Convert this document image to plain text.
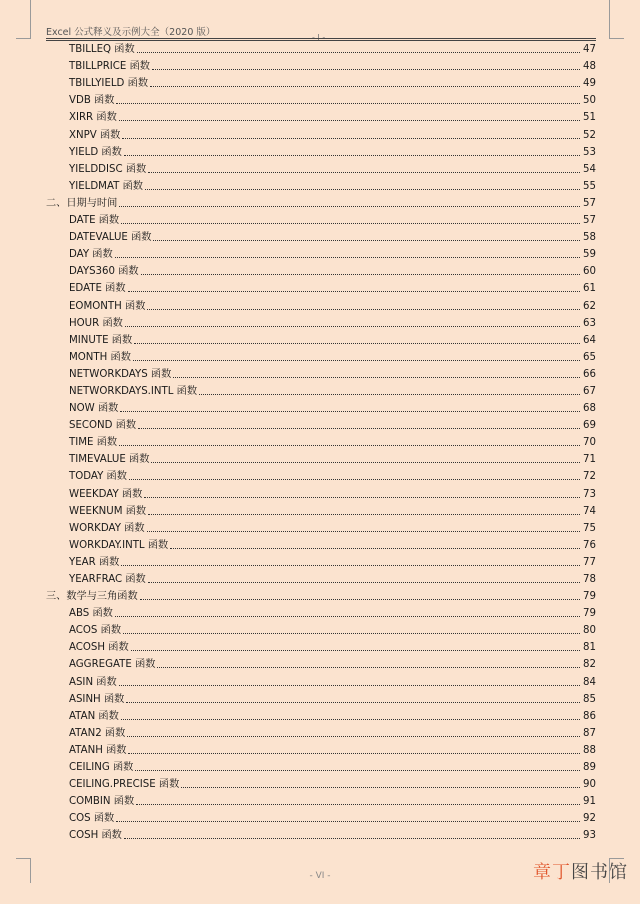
Excel 公式释义及示例大全（2020 版）	- I -
TBILLEQ 函数	47
TBILLPRICE 函数	48
TBILLYIELD 函数	49
VDB 函数	50
XIRR 函数	51
XNPV 函数	52
YIELD 函数	53
YIELDDISC 函数	54
YIELDMAT 函数	55
二、日期与时间	57
DATE 函数	57
DATEVALUE 函数	58
DAY 函数	59
DAYS360 函数	60
EDATE 函数	61
EOMONTH 函数	62
HOUR 函数	63
MINUTE 函数	64
MONTH 函数	65
NETWORKDAYS 函数	66
NETWORKDAYS.INTL 函数	67
NOW 函数	68
SECOND 函数	69
TIME 函数	70
TIMEVALUE 函数	71
TODAY 函数	72
WEEKDAY 函数	73
WEEKNUM 函数	74
WORKDAY 函数	75
WORKDAY.INTL 函数	76
YEAR 函数	77
YEARFRAC 函数	78
三、数学与三角函数	79
ABS 函数	79
ACOS 函数	80
ACOSH 函数	81
AGGREGATE 函数	82
ASIN 函数	84
ASINH 函数	85
ATAN 函数	86
ATAN2 函数	87
ATANH 函数	88
CEILING 函数	89
CEILING.PRECISE 函数	90
COMBIN 函数	91
COS 函数	92
COSH 函数	93
- VI -	章丁图书馆
